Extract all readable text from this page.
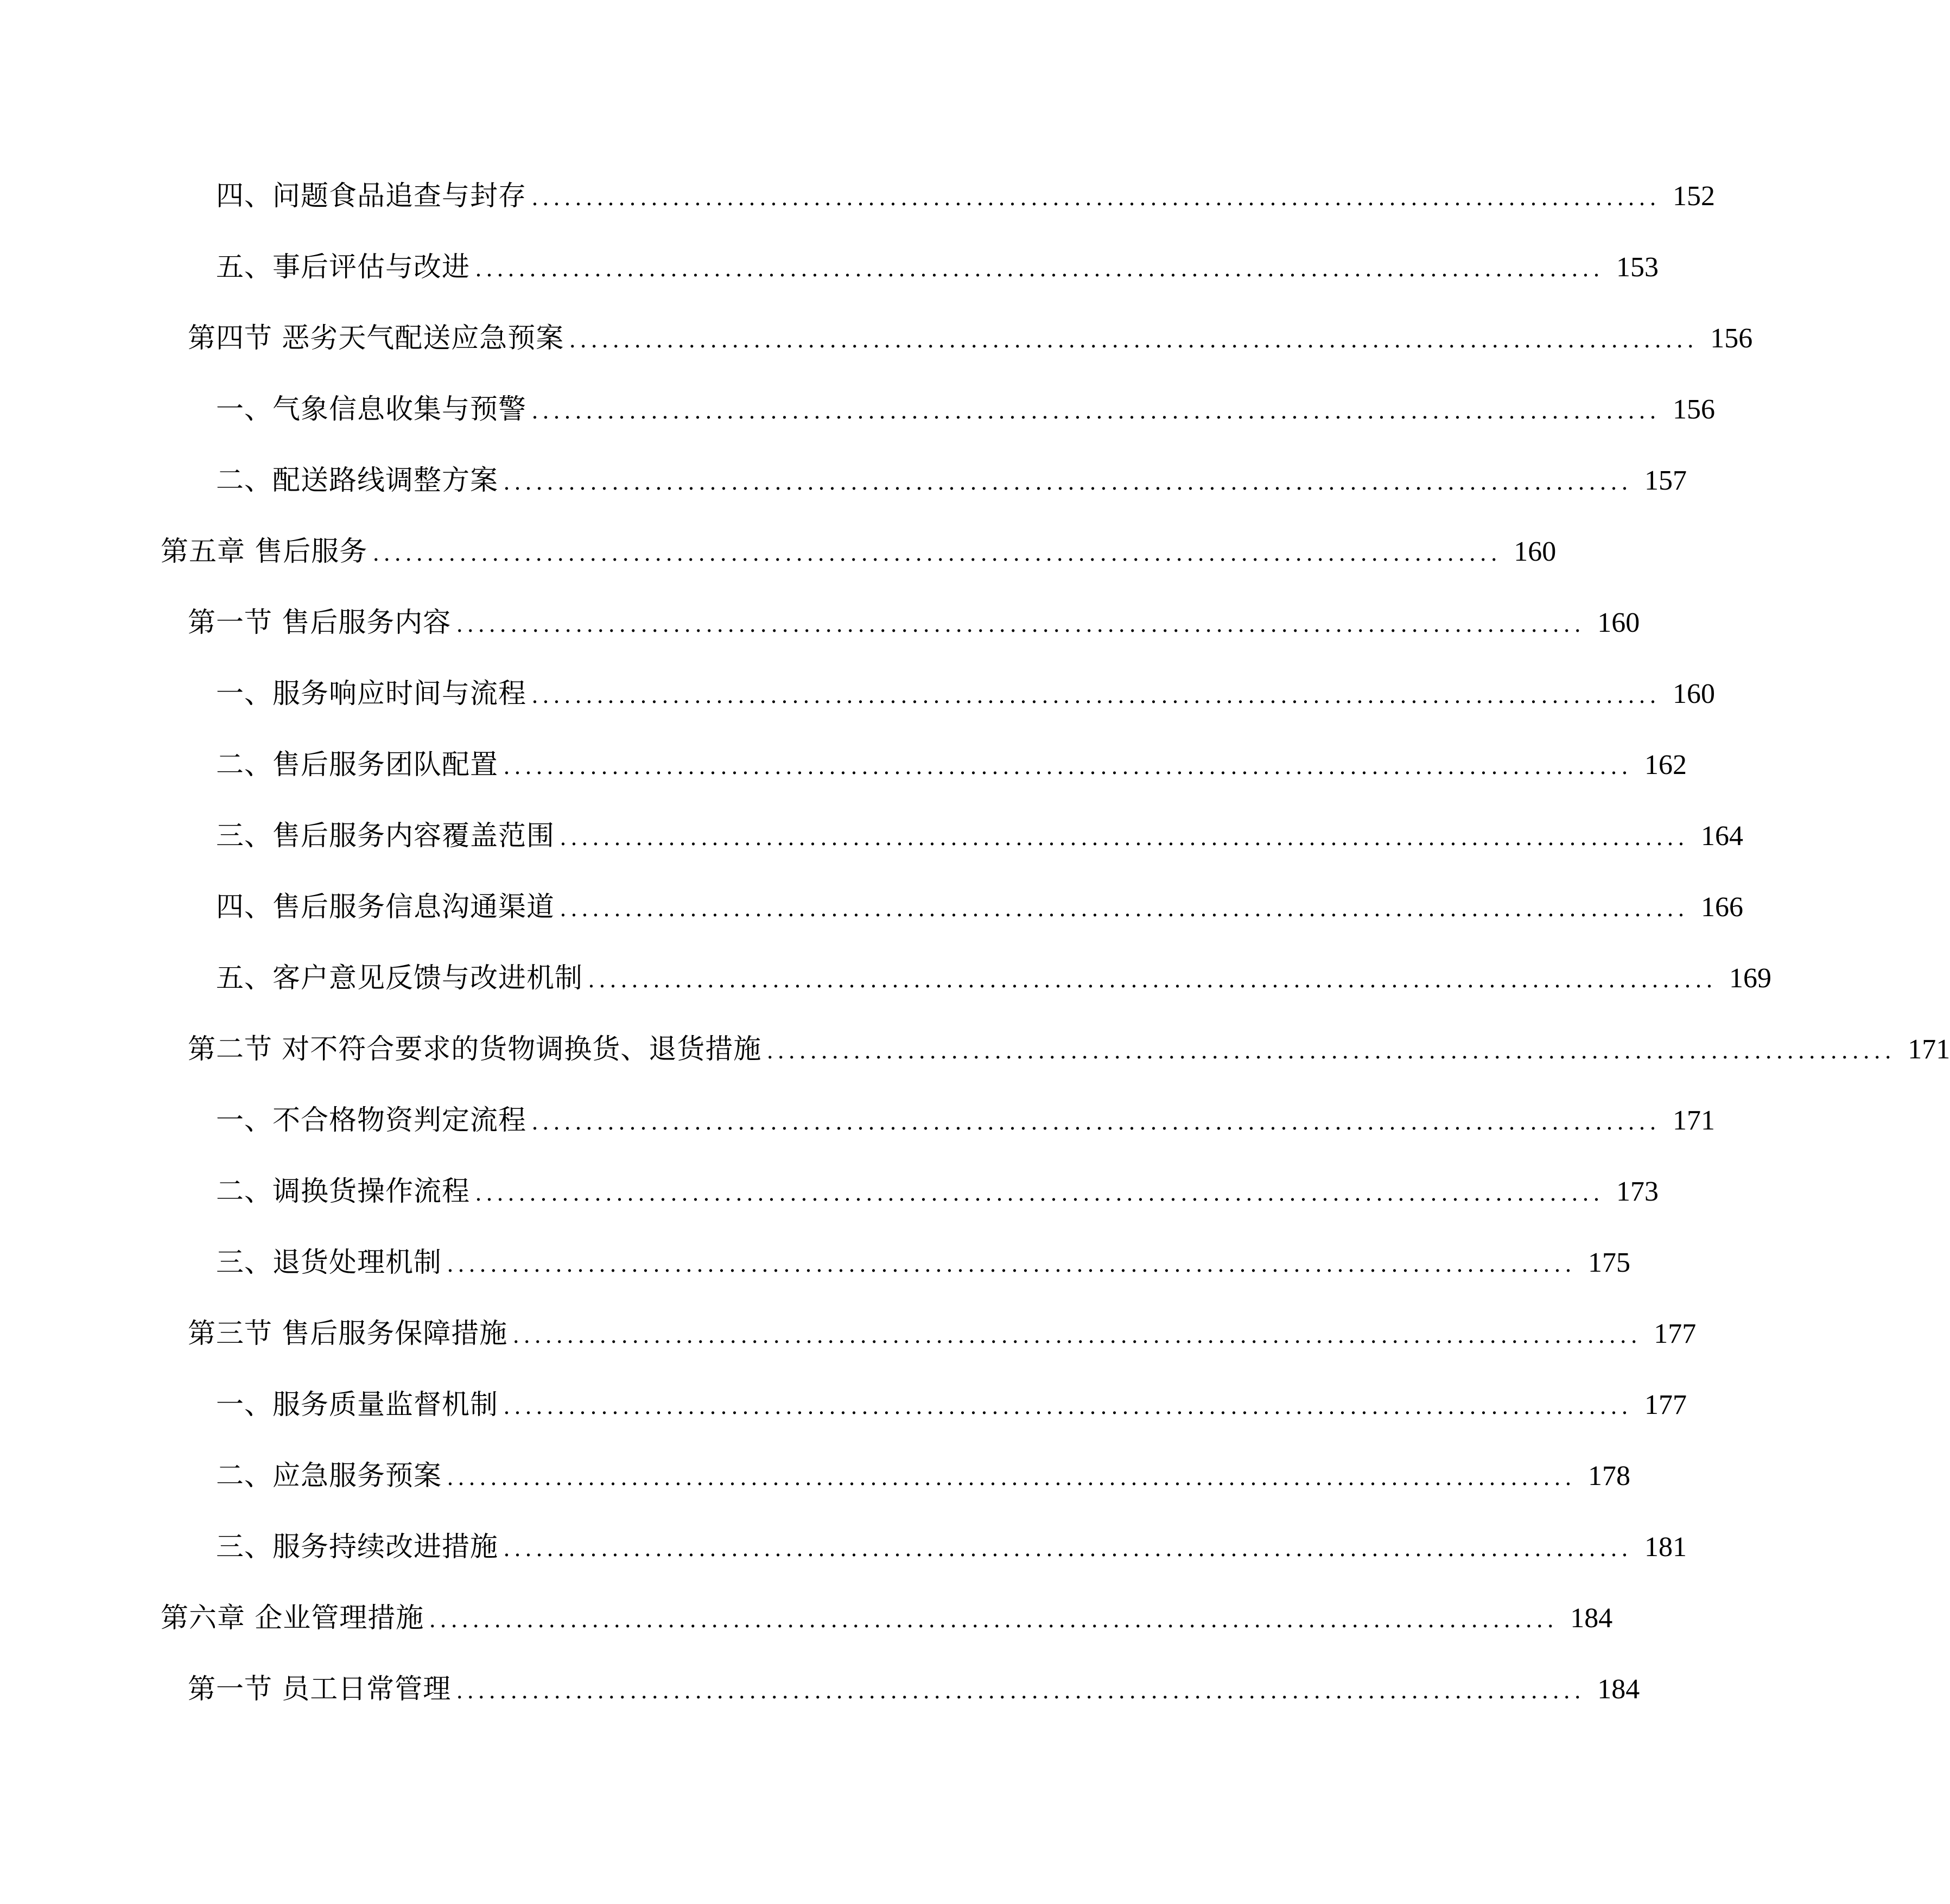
四、问题食品追查与封存 ........................................................................................................ 152
五、事后评估与改进 ........................................................................................................ 153
第四节 恶劣天气配送应急预案 ........................................................................................................ 156
一、气象信息收集与预警 ........................................................................................................ 156
二、配送路线调整方案 ........................................................................................................ 157
第五章 售后服务 ........................................................................................................ 160
第一节 售后服务内容 ........................................................................................................ 160
一、服务响应时间与流程 ........................................................................................................ 160
二、售后服务团队配置 ........................................................................................................ 162
三、售后服务内容覆盖范围 ........................................................................................................ 164
四、售后服务信息沟通渠道 ........................................................................................................ 166
五、客户意见反馈与改进机制 ........................................................................................................ 169
第二节 对不符合要求的货物调换货、退货措施 ........................................................................................................ 171
一、不合格物资判定流程 ........................................................................................................ 171
二、调换货操作流程 ........................................................................................................ 173
三、退货处理机制 ........................................................................................................ 175
第三节 售后服务保障措施 ........................................................................................................ 177
一、服务质量监督机制 ........................................................................................................ 177
二、应急服务预案 ........................................................................................................ 178
三、服务持续改进措施 ........................................................................................................ 181
第六章 企业管理措施 ........................................................................................................ 184
第一节 员工日常管理 ........................................................................................................ 184
